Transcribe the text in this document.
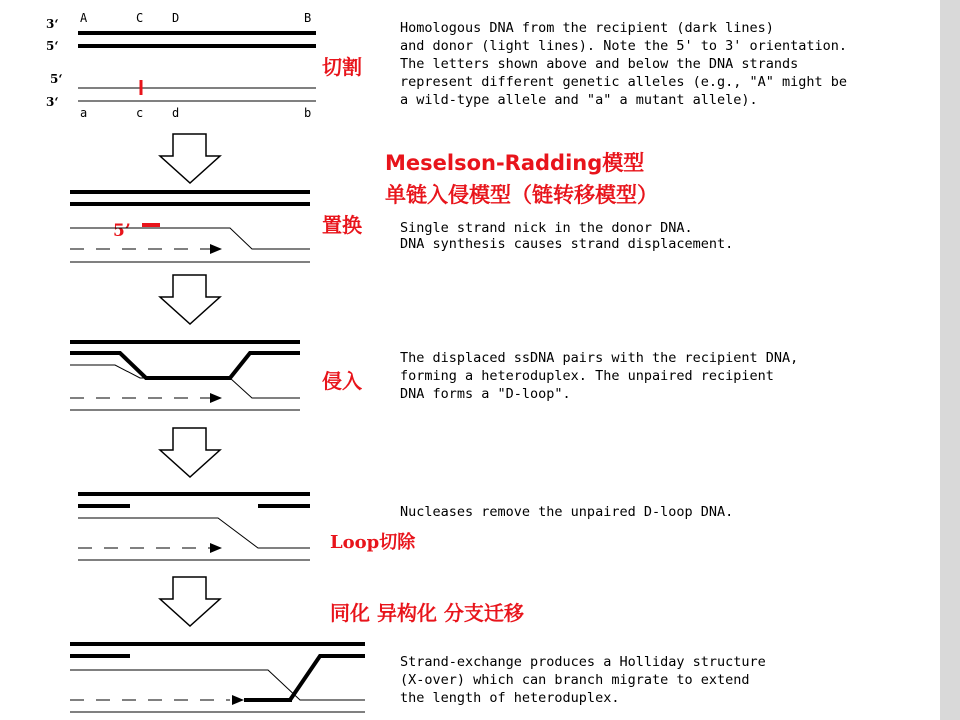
3‘
5‘
5‘
3‘
A	C D	B
a	c d	b
切割
Homologous DNA from the recipient (dark lines)
and donor (light lines). Note the 5' to 3' orientation.
The letters shown above and below the DNA strands
represent different genetic alleles (e.g., "A" might be
a wild-type allele and "a" a mutant allele).
Meselson-Radding模型
单链入侵模型（链转移模型）
5’	置换	Single strand nick in the donor DNA.
DNA synthesis causes strand displacement.
侵入
The displaced ssDNA pairs with the recipient DNA,
forming a heteroduplex. The unpaired recipient
DNA forms a "D-loop".
Loop切除
Nucleases remove the unpaired D-loop DNA.
同化 异构化 分支迁移
Strand-exchange produces a Holliday structure
(X-over) which can branch migrate to extend
the length of heteroduplex.
